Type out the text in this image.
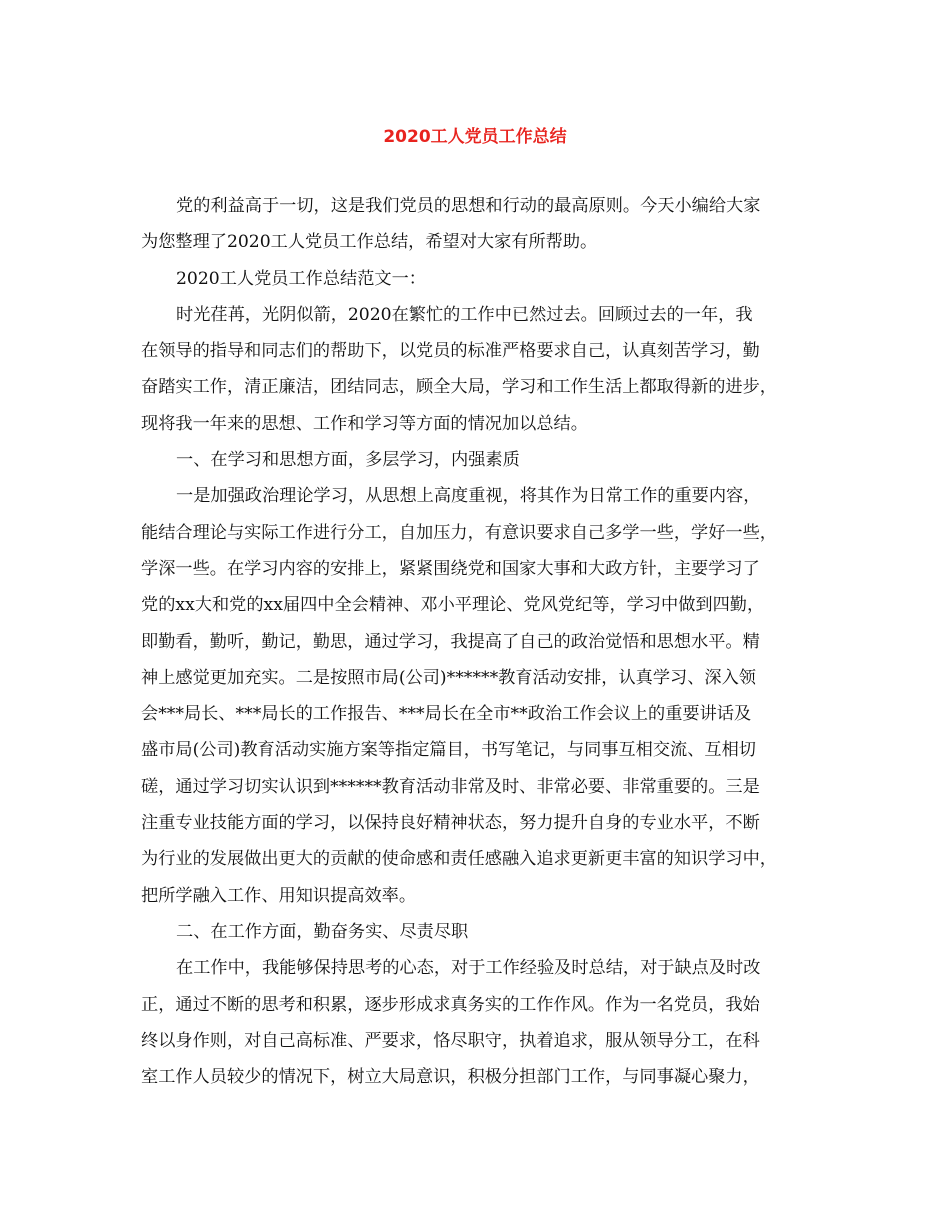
2020工人党员工作总结
党的利益高于一切，这是我们党员的思想和行动的最高原则。今天小编给大家
为您整理了2020工人党员工作总结，希望对大家有所帮助。
2020工人党员工作总结范文一：
时光荏苒，光阴似箭，2020在繁忙的工作中已然过去。回顾过去的一年，我
在领导的指导和同志们的帮助下，以党员的标准严格要求自己，认真刻苦学习，勤
奋踏实工作，清正廉洁，团结同志，顾全大局，学习和工作生活上都取得新的进步，
现将我一年来的思想、工作和学习等方面的情况加以总结。
一、在学习和思想方面，多层学习，内强素质
一是加强政治理论学习，从思想上高度重视，将其作为日常工作的重要内容，
能结合理论与实际工作进行分工，自加压力，有意识要求自己多学一些，学好一些，
学深一些。在学习内容的安排上，紧紧围绕党和国家大事和大政方针，主要学习了
党的xx大和党的xx届四中全会精神、邓小平理论、党风党纪等，学习中做到四勤，
即勤看，勤听，勤记，勤思，通过学习，我提高了自己的政治觉悟和思想水平。精
神上感觉更加充实。二是按照市局(公司)******教育活动安排，认真学习、深入领
会***局长、***局长的工作报告、***局长在全市**政治工作会议上的重要讲话及
盛市局(公司)教育活动实施方案等指定篇目，书写笔记，与同事互相交流、互相切
磋，通过学习切实认识到******教育活动非常及时、非常必要、非常重要的。三是
注重专业技能方面的学习，以保持良好精神状态，努力提升自身的专业水平，不断
为行业的发展做出更大的贡献的使命感和责任感融入追求更新更丰富的知识学习中，
把所学融入工作、用知识提高效率。
二、在工作方面，勤奋务实、尽责尽职
在工作中，我能够保持思考的心态，对于工作经验及时总结，对于缺点及时改
正，通过不断的思考和积累，逐步形成求真务实的工作作风。作为一名党员，我始
终以身作则，对自己高标准、严要求，恪尽职守，执着追求，服从领导分工，在科
室工作人员较少的情况下，树立大局意识，积极分担部门工作，与同事凝心聚力，
